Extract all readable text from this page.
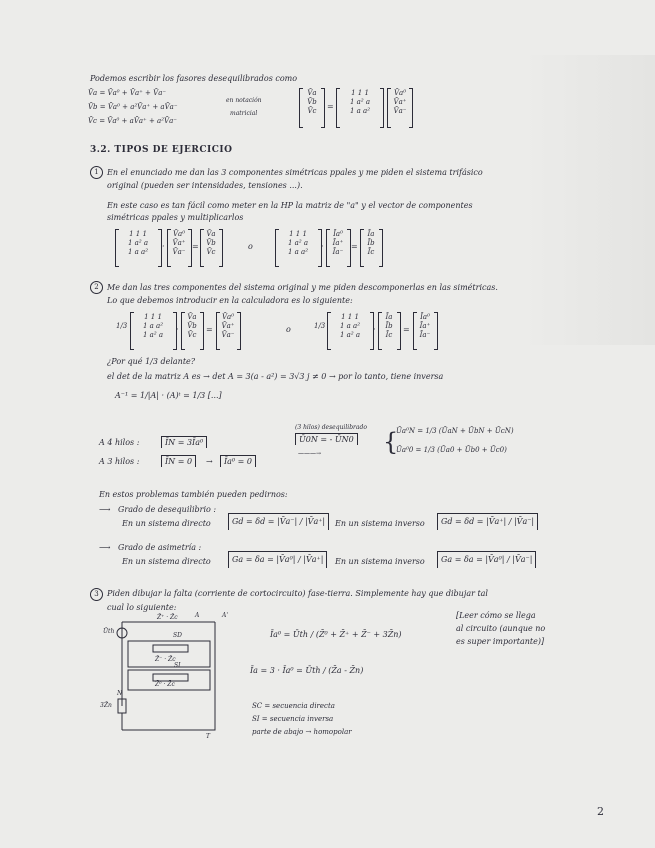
Podemos escribir los fasores desequilibrados como
V̄a = V̄a⁰ + V̄a⁺ + V̄a⁻
V̄b = V̄a⁰ + a²V̄a⁺ + aV̄a⁻
V̄c = V̄a⁰ + aV̄a⁺ + a²V̄a⁻
en notación
matricial
V̄a
V̄b
V̄c	=
1 1 1
1 a² a
1 a a²
V̄a⁰
V̄a⁺
V̄a⁻
3.2. TIPOS DE EJERCICIO
1	En el enunciado me dan las 3 componentes simétricas ppales y me piden el sistema trifásico
original (pueden ser intensidades, tensiones ...).
En este caso es tan fácil como meter en la HP la matriz de "a" y el vector de componentes
simétricas ppales y multiplicarlos
1 1 1
1 a² a
1 a a²
·
V̄a⁰
V̄a⁺
V̄a⁻
=
V̄a
V̄b
V̄c
o
1 1 1
1 a² a
1 a a²
·
Īa⁰
Īa⁺
Īa⁻
=
Īa
Īb
Īc
2	Me dan las tres componentes del sistema original y me piden descomponerlas en las simétricas.
Lo que debemos introducir en la calculadora es lo siguiente:
1/3
1 1 1
1 a a²
1 a² a
·
V̄a
V̄b
V̄c
=
V̄a⁰
V̄a⁺
V̄a⁻
o	1/3
1 1 1
1 a a²
1 a² a
·
Īa
Īb
Īc
=
Īa⁰
Īa⁺
Īa⁻
¿Por qué 1/3 delante?
el det de la matriz A es → det A = 3(a - a²) = 3√3 j ≠ 0 → por lo tanto, tiene inversa
A⁻¹ = 1/|A| · (A)ᵗ = 1/3 [...]
A 4 hilos :	ĪN = 3Īa⁰
A 3 hilos :	ĪN = 0	→	Īa⁰ = 0
(3 hilos) desequilibrado
Ū0N = - ŪN0
———→	{
Ūa⁰N = 1/3 (ŪaN + ŪbN + ŪcN)
Ūa⁰0 = 1/3 (Ūa0 + Ūb0 + Ūc0)
En estos problemas también pueden pedirnos:
⟶ Grado de desequilibrio :
En un sistema directo	Gd = δd = |V̄a⁻| / |V̄a⁺|	En un sistema inverso	Gd = δd = |V̄a⁺| / |V̄a⁻|
⟶ Grado de asimetría :
En un sistema directo	Ga = δa = |V̄a⁰| / |V̄a⁺|	En un sistema inverso	Ga = δa = |V̄a⁰| / |V̄a⁻|
3	Piden dibujar la falta (corriente de cortocircuito) fase-tierra. Simplemente hay que dibujar tal
cual lo siguiente:
[Leer cómo se llega
al circuito (aunque no
es super importante)]
Īa⁰ = Ūth / (Z̄⁰ + Z̄⁺ + Z̄⁻ + 3Z̄n)
Īa = 3 · Īa⁰ = Ūth / (Z̄a - Z̄n)
SC = secuencia directa
SI = secuencia inversa
parte de abajo → homopolar
Ūth
A	A'
Z̄⁺ · Z̄c
SD
Z̄⁻ · Z̄c
SI
Z̄⁰ · Z̄c
N
3Z̄n
T
2
